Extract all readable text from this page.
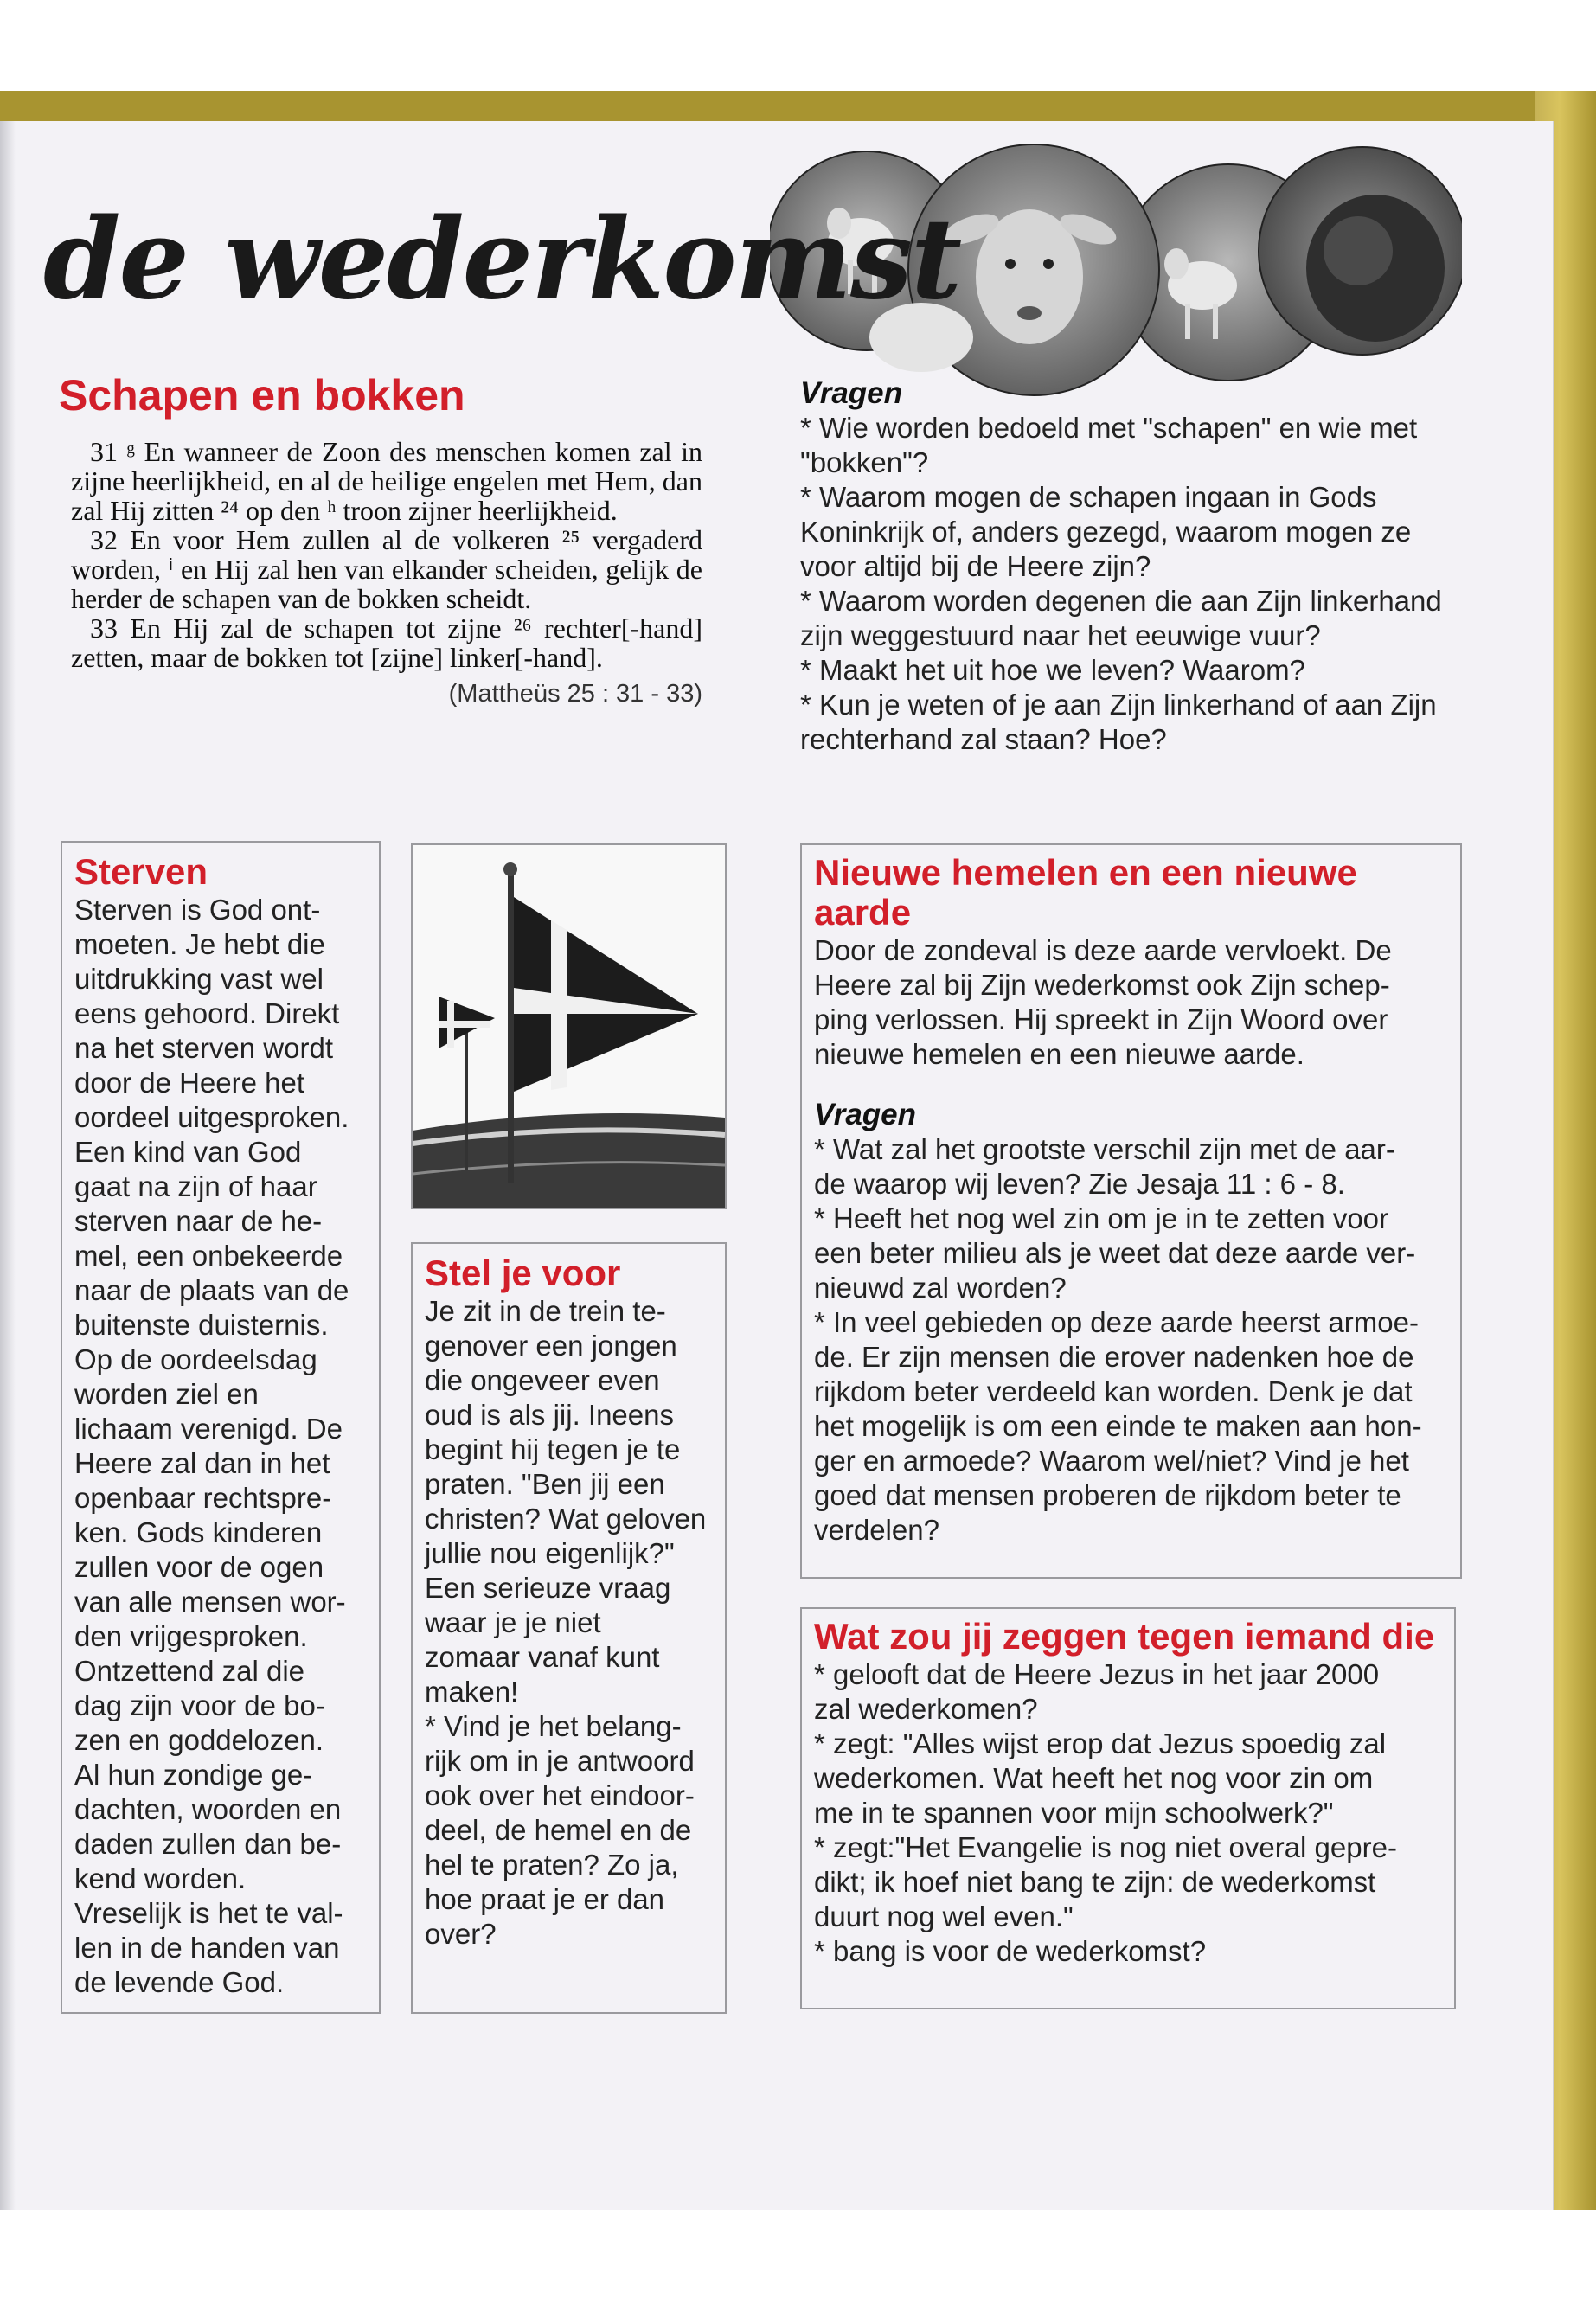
de wederkomst
Schapen en bokken

31 ᵍ En wanneer de Zoon des menschen komen zal in zijne heerlijkheid, en al de heilige engelen met Hem, dan zal Hij zitten ²⁴ op den ʰ troon zijner heerlijkheid.

32 En voor Hem zullen al de volkeren ²⁵ vergaderd worden, ⁱ en Hij zal hen van elkander scheiden, gelijk de herder de schapen van de bokken scheidt.

33 En Hij zal de schapen tot zijne ²⁶ rechter[-hand] zetten, maar de bokken tot [zijne] linker[-hand].

(Mattheüs 25 : 31 - 33)
Vragen
* Wie worden bedoeld met "schapen" en wie met "bokken"?
* Waarom mogen de schapen ingaan in Gods Koninkrijk of, anders gezegd, waarom mogen ze voor altijd bij de Heere zijn?
* Waarom worden degenen die aan Zijn linkerhand zijn weggestuurd naar het eeuwige vuur?
* Maakt het uit hoe we leven? Waarom?
* Kun je weten of je aan Zijn linkerhand of aan Zijn rechterhand zal staan? Hoe?
Sterven
Sterven is God ont-
moeten. Je hebt die
uitdrukking vast wel
eens gehoord. Direkt
na het sterven wordt
door de Heere het
oordeel uitgesproken.
Een kind van God
gaat na zijn of haar
sterven naar de he-
mel, een onbekeerde
naar de plaats van de
buitenste duisternis.
Op de oordeelsdag
worden ziel en
lichaam verenigd. De
Heere zal dan in het
openbaar rechtspre-
ken. Gods kinderen
zullen voor de ogen
van alle mensen wor-
den vrijgesproken.
Ontzettend zal die
dag zijn voor de bo-
zen en goddelozen.
Al hun zondige ge-
dachten, woorden en
daden zullen dan be-
kend worden.
Vreselijk is het te val-
len in de handen van
de levende God.
Stel je voor
Je zit in de trein te-
genover een jongen
die ongeveer even
oud is als jij. Ineens
begint hij tegen je te
praten. "Ben jij een
christen? Wat geloven
jullie nou eigenlijk?"
Een serieuze vraag
waar je je niet
zomaar vanaf kunt
maken!
* Vind je het belang-
rijk om in je antwoord
ook over het eindoor-
deel, de hemel en de
hel te praten? Zo ja,
hoe praat je er dan
over?
Nieuwe hemelen en een nieuwe
aarde
Door de zondeval is deze aarde vervloekt. De
Heere zal bij Zijn wederkomst ook Zijn schep-
ping verlossen. Hij spreekt in Zijn Woord over
nieuwe hemelen en een nieuwe aarde.
Vragen
* Wat zal het grootste verschil zijn met de aar-
de waarop wij leven? Zie Jesaja 11 : 6 - 8.
* Heeft het nog wel zin om je in te zetten voor
een beter milieu als je weet dat deze aarde ver-
nieuwd zal worden?
* In veel gebieden op deze aarde heerst armoe-
de. Er zijn mensen die erover nadenken hoe de
rijkdom beter verdeeld kan worden. Denk je dat
het mogelijk is om een einde te maken aan hon-
ger en armoede? Waarom wel/niet? Vind je het
goed dat mensen proberen de rijkdom beter te
verdelen?
Wat zou jij zeggen tegen iemand die
* gelooft dat de Heere Jezus in het jaar 2000
zal wederkomen?
* zegt: "Alles wijst erop dat Jezus spoedig zal
wederkomen. Wat heeft het nog voor zin om
me in te spannen voor mijn schoolwerk?"
* zegt:"Het Evangelie is nog niet overal gepre-
dikt; ik hoef niet bang te zijn: de wederkomst
duurt nog wel even."
* bang is voor de wederkomst?
